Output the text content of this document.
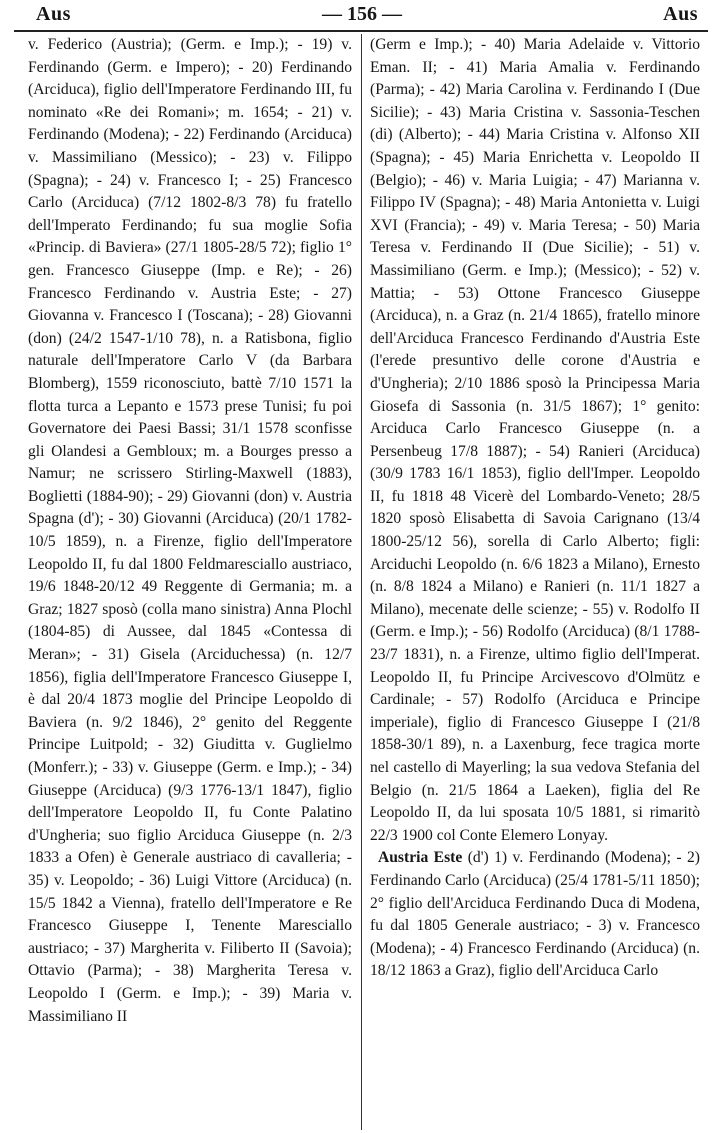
Aus	— 156 —	Aus

v. Federico (Austria); (Germ. e Imp.); - 19) v. Ferdinando (Germ. e Impero); - 20) Ferdinando (Arciduca), figlio dell'Imperatore Ferdinando III, fu nominato «Re dei Romani»; m. 1654; - 21) v. Ferdinando (Modena); - 22) Ferdinando (Arciduca) v. Massimiliano (Messico); - 23) v. Filippo (Spagna); - 24) v. Francesco I; - 25) Francesco Carlo (Arciduca) (7/12 1802-8/3 78) fu fratello dell'Imperato Ferdinando; fu sua moglie Sofia «Princip. di Baviera» (27/1 1805-28/5 72); figlio 1° gen. Francesco Giuseppe (Imp. e Re); - 26) Francesco Ferdinando v. Austria Este; - 27) Giovanna v. Francesco I (Toscana); - 28) Giovanni (don) (24/2 1547-1/10 78), n. a Ratisbona, figlio naturale dell'Imperatore Carlo V (da Barbara Blomberg), 1559 riconosciuto, battè 7/10 1571 la flotta turca a Lepanto e 1573 prese Tunisi; fu poi Governatore dei Paesi Bassi; 31/1 1578 sconfisse gli Olandesi a Gembloux; m. a Bourges presso a Namur; ne scrissero Stirling-Maxwell (1883), Boglietti (1884-90); - 29) Giovanni (don) v. Austria Spagna (d'); - 30) Giovanni (Arciduca) (20/1 1782-10/5 1859), n. a Firenze, figlio dell'Imperatore Leopoldo II, fu dal 1800 Feldmaresciallo austriaco, 19/6 1848-20/12 49 Reggente di Germania; m. a Graz; 1827 sposò (colla mano sinistra) Anna Plochl (1804-85) di Aussee, dal 1845 «Contessa di Meran»; - 31) Gisela (Arciduchessa) (n. 12/7 1856), figlia dell'Imperatore Francesco Giuseppe I, è dal 20/4 1873 moglie del Principe Leopoldo di Baviera (n. 9/2 1846), 2° genito del Reggente Principe Luitpold; - 32) Giuditta v. Guglielmo (Monferr.); - 33) v. Giuseppe (Germ. e Imp.); - 34) Giuseppe (Arciduca) (9/3 1776-13/1 1847), figlio dell'Imperatore Leopoldo II, fu Conte Palatino d'Ungheria; suo figlio Arciduca Giuseppe (n. 2/3 1833 a Ofen) è Generale austriaco di cavalleria; - 35) v. Leopoldo; - 36) Luigi Vittore (Arciduca) (n. 15/5 1842 a Vienna), fratello dell'Imperatore e Re Francesco Giuseppe I, Tenente Maresciallo austriaco; - 37) Margherita v. Filiberto II (Savoia); Ottavio (Parma); - 38) Margherita Teresa v. Leopoldo I (Germ. e Imp.); - 39) Maria v. Massimiliano II

(Germ e Imp.); - 40) Maria Adelaide v. Vittorio Eman. II; - 41) Maria Amalia v. Ferdinando (Parma); - 42) Maria Carolina v. Ferdinando I (Due Sicilie); - 43) Maria Cristina v. Sassonia-Teschen (di) (Alberto); - 44) Maria Cristina v. Alfonso XII (Spagna); - 45) Maria Enrichetta v. Leopoldo II (Belgio); - 46) v. Maria Luigia; - 47) Marianna v. Filippo IV (Spagna); - 48) Maria Antonietta v. Luigi XVI (Francia); - 49) v. Maria Teresa; - 50) Maria Teresa v. Ferdinando II (Due Sicilie); - 51) v. Massimiliano (Germ. e Imp.); (Messico); - 52) v. Mattia; - 53) Ottone Francesco Giuseppe (Arciduca), n. a Graz (n. 21/4 1865), fratello minore dell'Arciduca Francesco Ferdinando d'Austria Este (l'erede presuntivo delle corone d'Austria e d'Ungheria); 2/10 1886 sposò la Principessa Maria Giosefa di Sassonia (n. 31/5 1867); 1° genito: Arciduca Carlo Francesco Giuseppe (n. a Persenbeug 17/8 1887); - 54) Ranieri (Arciduca) (30/9 1783 16/1 1853), figlio dell'Imper. Leopoldo II, fu 1818 48 Vicerè del Lombardo-Veneto; 28/5 1820 sposò Elisabetta di Savoia Carignano (13/4 1800-25/12 56), sorella di Carlo Alberto; figli: Arciduchi Leopoldo (n. 6/6 1823 a Milano), Ernesto (n. 8/8 1824 a Milano) e Ranieri (n. 11/1 1827 a Milano), mecenate delle scienze; - 55) v. Rodolfo II (Germ. e Imp.); - 56) Rodolfo (Arciduca) (8/1 1788-23/7 1831), n. a Firenze, ultimo figlio dell'Imperat. Leopoldo II, fu Principe Arcivescovo d'Olmütz e Cardinale; - 57) Rodolfo (Arciduca e Principe imperiale), figlio di Francesco Giuseppe I (21/8 1858-30/1 89), n. a Laxenburg, fece tragica morte nel castello di Mayerling; la sua vedova Stefania del Belgio (n. 21/5 1864 a Laeken), figlia del Re Leopoldo II, da lui sposata 10/5 1881, si rimaritò 22/3 1900 col Conte Elemero Lonyay.

Austria Este (d') 1) v. Ferdinando (Modena); - 2) Ferdinando Carlo (Arciduca) (25/4 1781-5/11 1850); 2° figlio dell'Arciduca Ferdinando Duca di Modena, fu dal 1805 Generale austriaco; - 3) v. Francesco (Modena); - 4) Francesco Ferdinando (Arciduca) (n. 18/12 1863 a Graz), figlio dell'Arciduca Carlo
